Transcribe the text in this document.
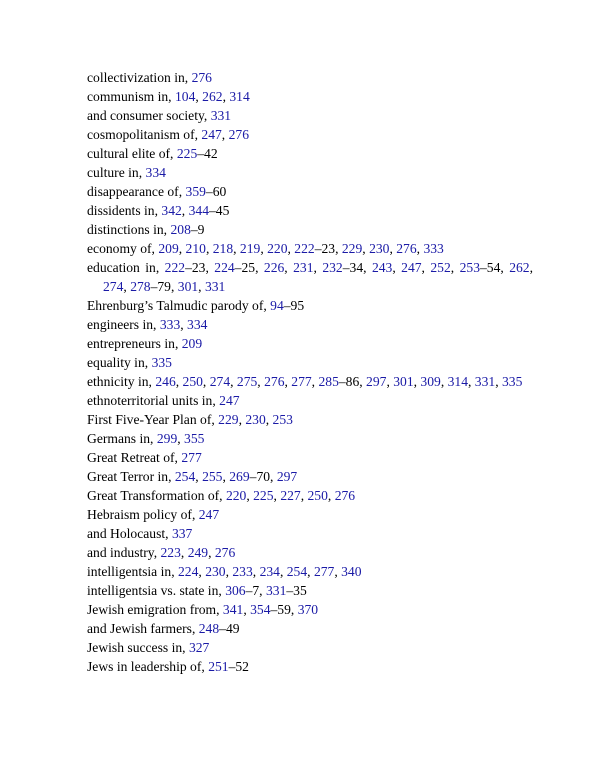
collectivization in, 276
communism in, 104, 262, 314
and consumer society, 331
cosmopolitanism of, 247, 276
cultural elite of, 225–42
culture in, 334
disappearance of, 359–60
dissidents in, 342, 344–45
distinctions in, 208–9
economy of, 209, 210, 218, 219, 220, 222–23, 229, 230, 276, 333
education in, 222–23, 224–25, 226, 231, 232–34, 243, 247, 252, 253–54, 262, 274, 278–79, 301, 331
Ehrenburg’s Talmudic parody of, 94–95
engineers in, 333, 334
entrepreneurs in, 209
equality in, 335
ethnicity in, 246, 250, 274, 275, 276, 277, 285–86, 297, 301, 309, 314, 331, 335
ethnoterritorial units in, 247
First Five-Year Plan of, 229, 230, 253
Germans in, 299, 355
Great Retreat of, 277
Great Terror in, 254, 255, 269–70, 297
Great Transformation of, 220, 225, 227, 250, 276
Hebraism policy of, 247
and Holocaust, 337
and industry, 223, 249, 276
intelligentsia in, 224, 230, 233, 234, 254, 277, 340
intelligentsia vs. state in, 306–7, 331–35
Jewish emigration from, 341, 354–59, 370
and Jewish farmers, 248–49
Jewish success in, 327
Jews in leadership of, 251–52
